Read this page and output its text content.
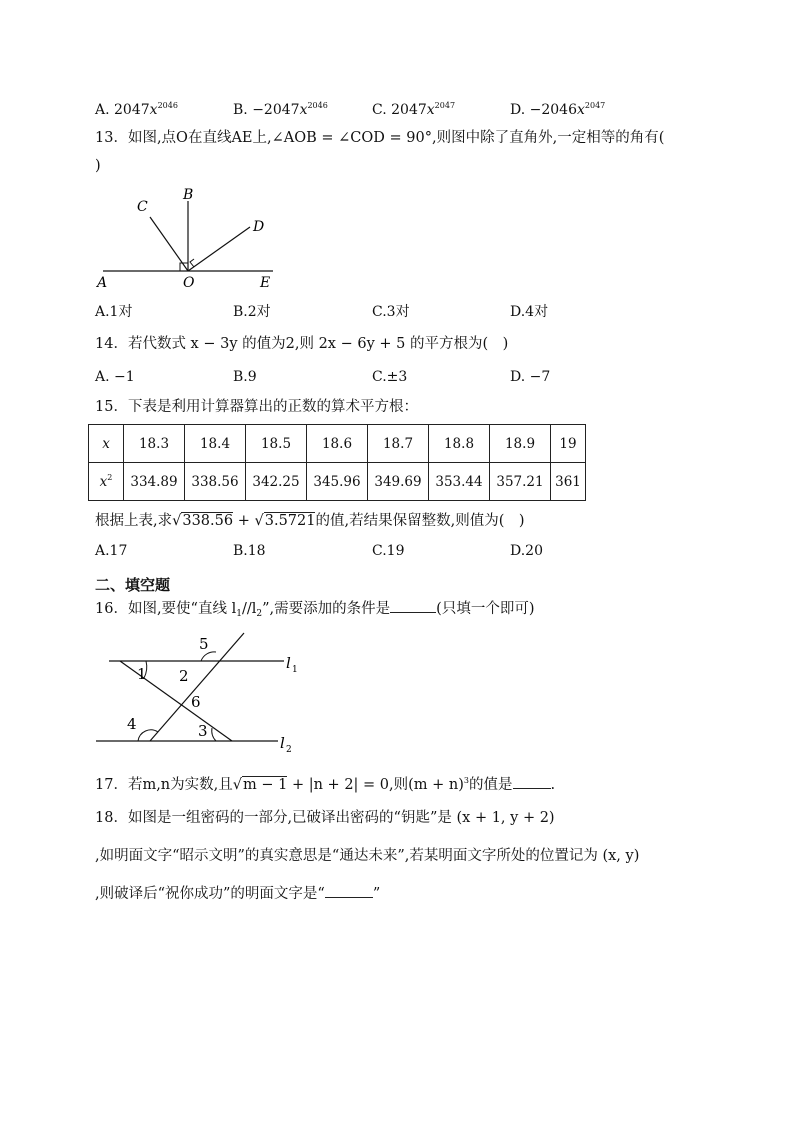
A. $2047x^{2046}$	B. $-2047x^{2046}$	C. $2047x^{2047}$	D. $-2046x^{2047}$
13．如图,点O在直线AE上,∠AOB = ∠COD = 90°,则图中除了直角外,一定相等的角有(
)
B
C
D
A	O	E
A.1对	B.2对	C.3对	D.4对
14．若代数式 x − 3y 的值为2,则 2x − 6y + 5 的平方根为(　)
A. −1	B.9	C.±3	D. −7
15．下表是利用计算器算出的正数的算术平方根：
x	18.3	18.4	18.5	18.6	18.7	18.8	18.9	19
$x^2$	334.89	338.56	342.25	345.96	349.69	353.44	357.21	361
根据上表,求√338.56 + √3.5721的值,若结果保留整数,则值为(　)
A.17	B.18	C.19	D.20
二、填空题
16．如图,要使“直线 $l_1//l_2$”,需要添加的条件是	(只填一个即可)
1 2
3
4
5
6
l 1
l 2
17．若m,n为实数,且√m − 1 + |n + 2| = 0,则$(m + n)^3$的值是	.
18．如图是一组密码的一部分,已破译出密码的“钥匙”是 (x + 1, y + 2)
,如明面文字“昭示文明”的真实意思是“通达未来”,若某明面文字所处的位置记为 (x, y)
,则破译后“祝你成功”的明面文字是“	”
